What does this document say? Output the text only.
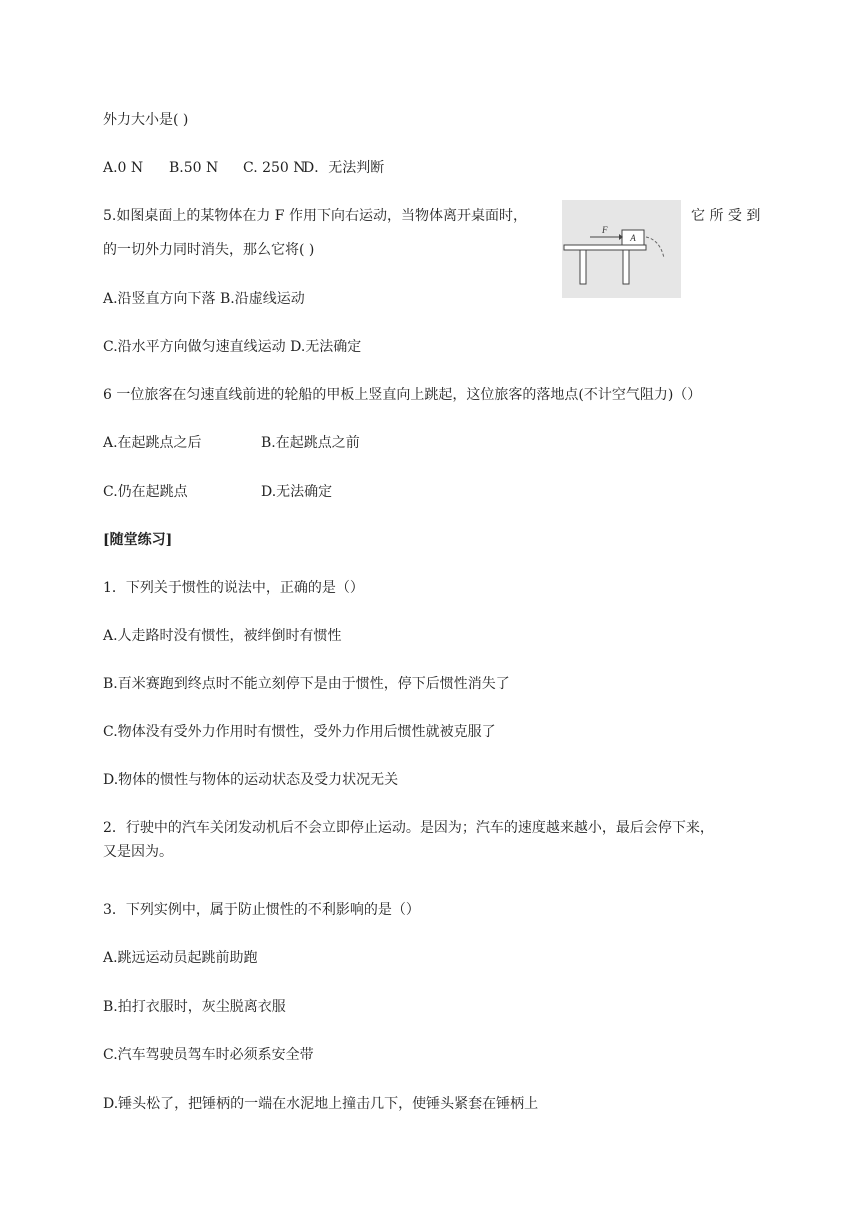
外力大小是( )
A.0 N B.50 N C. 250 ND．无法判断
5.如图桌面上的某物体在力 F 作用下向右运动，当物体离开桌面时，	它 所 受 到
的一切外力同时消失，那么它将( )
A
F
A.沿竖直方向下落 B.沿虚线运动
C.沿水平方向做匀速直线运动 D.无法确定
6 一位旅客在匀速直线前进的轮船的甲板上竖直向上跳起，这位旅客的落地点(不计空气阻力)（）
A.在起跳点之后	B.在起跳点之前
C.仍在起跳点	D.无法确定
[随堂练习]
1．下列关于惯性的说法中，正确的是（）
A.人走路时没有惯性，被绊倒时有惯性
B.百米赛跑到终点时不能立刻停下是由于惯性，停下后惯性消失了
C.物体没有受外力作用时有惯性，受外力作用后惯性就被克服了
D.物体的惯性与物体的运动状态及受力状况无关
2．行驶中的汽车关闭发动机后不会立即停止运动。是因为；汽车的速度越来越小，最后会停下来，
又是因为。
3．下列实例中，属于防止惯性的不利影响的是（）
A.跳远运动员起跳前助跑
B.拍打衣服时，灰尘脱离衣服
C.汽车驾驶员驾车时必须系安全带
D.锤头松了，把锤柄的一端在水泥地上撞击几下，使锤头紧套在锤柄上
